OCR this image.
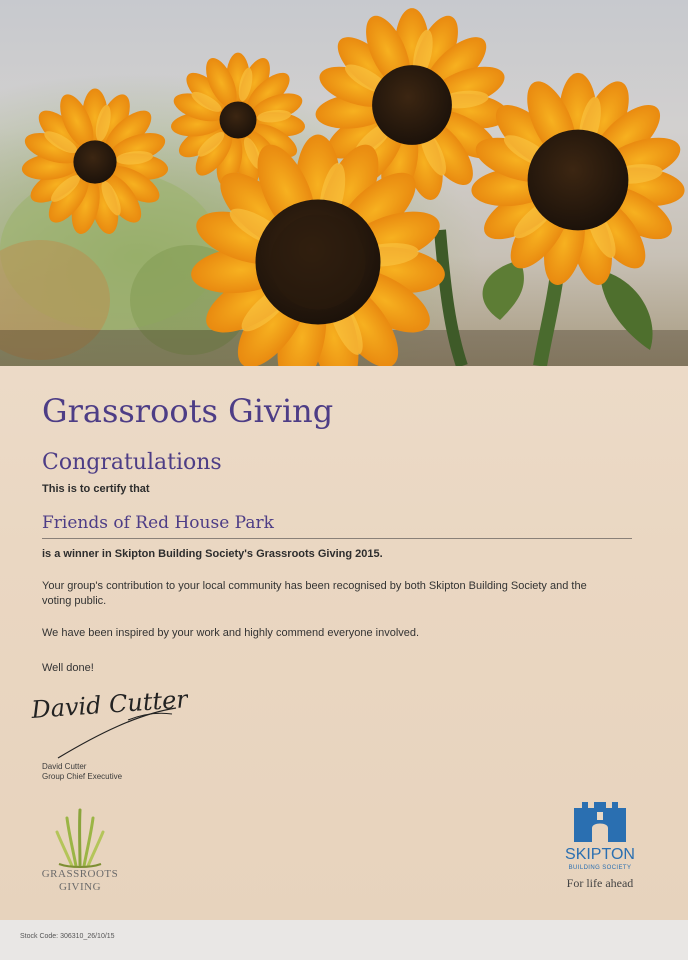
Grassroots Giving
Congratulations
This is to certify that
Friends of Red House Park
is a winner in Skipton Building Society's Grassroots Giving 2015.
Your group's contribution to your local community has been recognised by both Skipton Building Society and the voting public.
We have been inspired by your work and highly commend everyone involved.
Well done!
David Cutter
David Cutter
Group Chief Executive
GRASSROOTS
GIVING
SKIPTON
BUILDING SOCIETY
For life ahead
Stock Code: 306310_26/10/15
